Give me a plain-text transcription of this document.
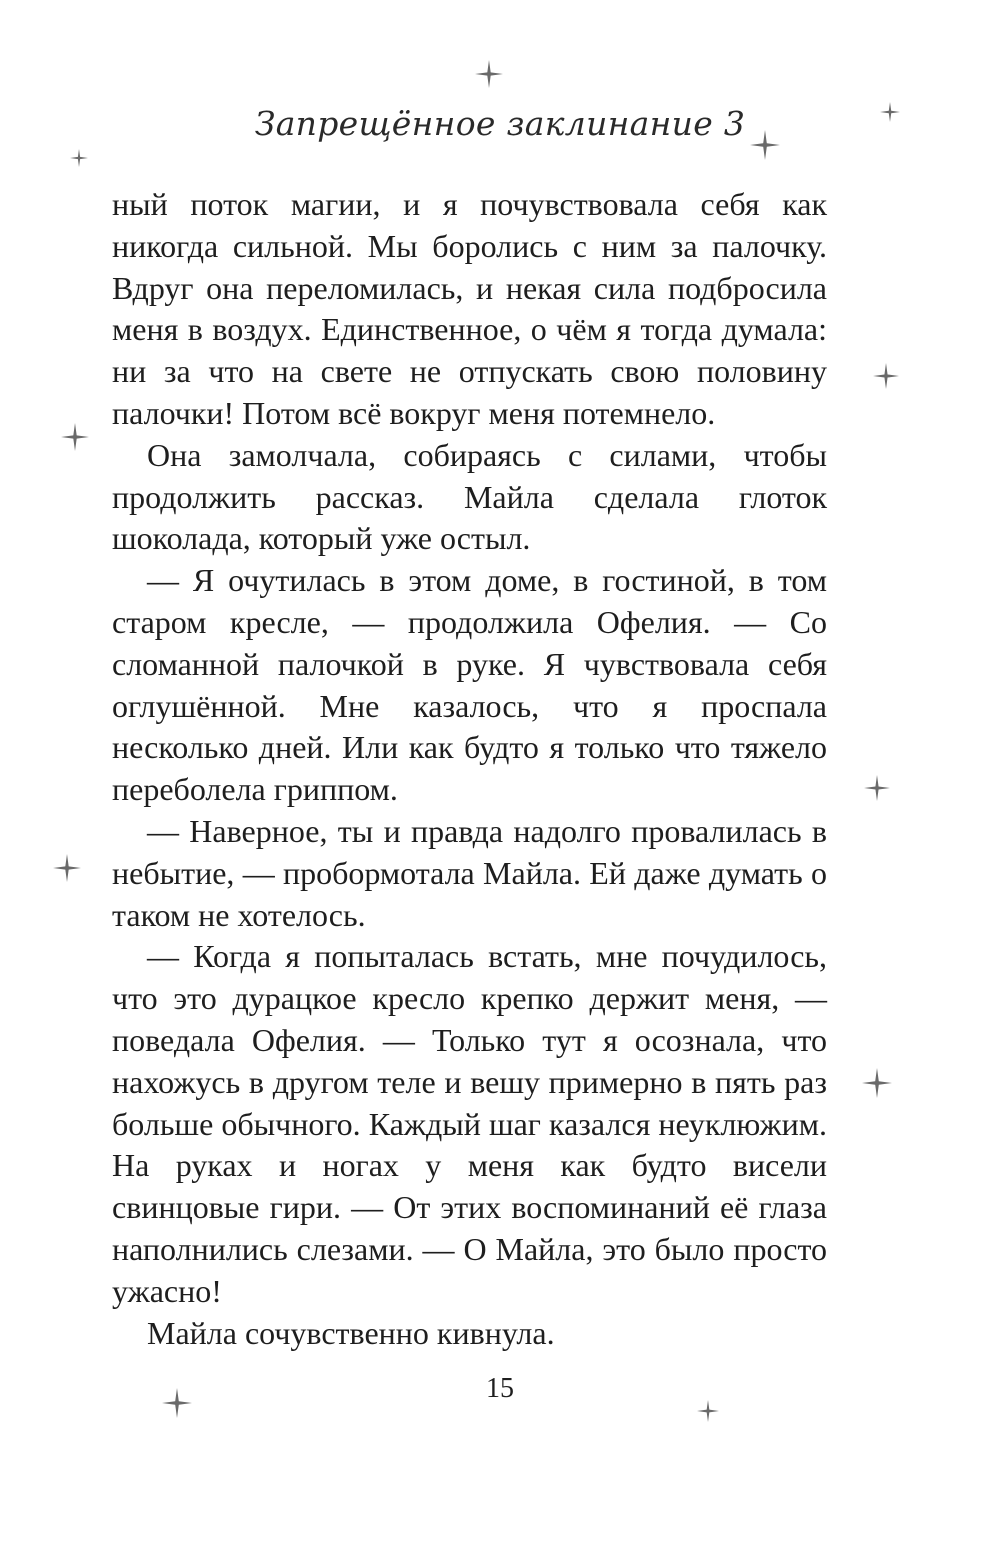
Запрещённое заклинание 3

ный поток магии, и я почувствовала себя как никогда сильной. Мы боролись с ним за палочку. Вдруг она переломилась, и некая сила подбросила меня в воздух. Единственное, о чём я тогда думала: ни за что на свете не отпускать свою половину палочки! Потом всё вокруг меня потемнело.

Она замолчала, собираясь с силами, чтобы продолжить рассказ. Майла сделала глоток шоколада, который уже остыл.

— Я очутилась в этом доме, в гостиной, в том старом кресле, — продолжила Офелия. — Со сломанной палочкой в руке. Я чувствовала себя оглушённой. Мне казалось, что я проспала несколько дней. Или как будто я только что тяжело переболела гриппом.

— Наверное, ты и правда надолго провалилась в небытие, — пробормотала Майла. Ей даже думать о таком не хотелось.

— Когда я попыталась встать, мне почудилось, что это дурацкое кресло крепко держит меня, — поведала Офелия. — Только тут я осознала, что нахожусь в другом теле и вешу примерно в пять раз больше обычного. Каждый шаг казался неуклюжим. На руках и ногах у меня как будто висели свинцовые гири. — От этих воспоминаний её глаза наполнились слезами. — О Майла, это было просто ужасно!

Майла сочувственно кивнула.

15
